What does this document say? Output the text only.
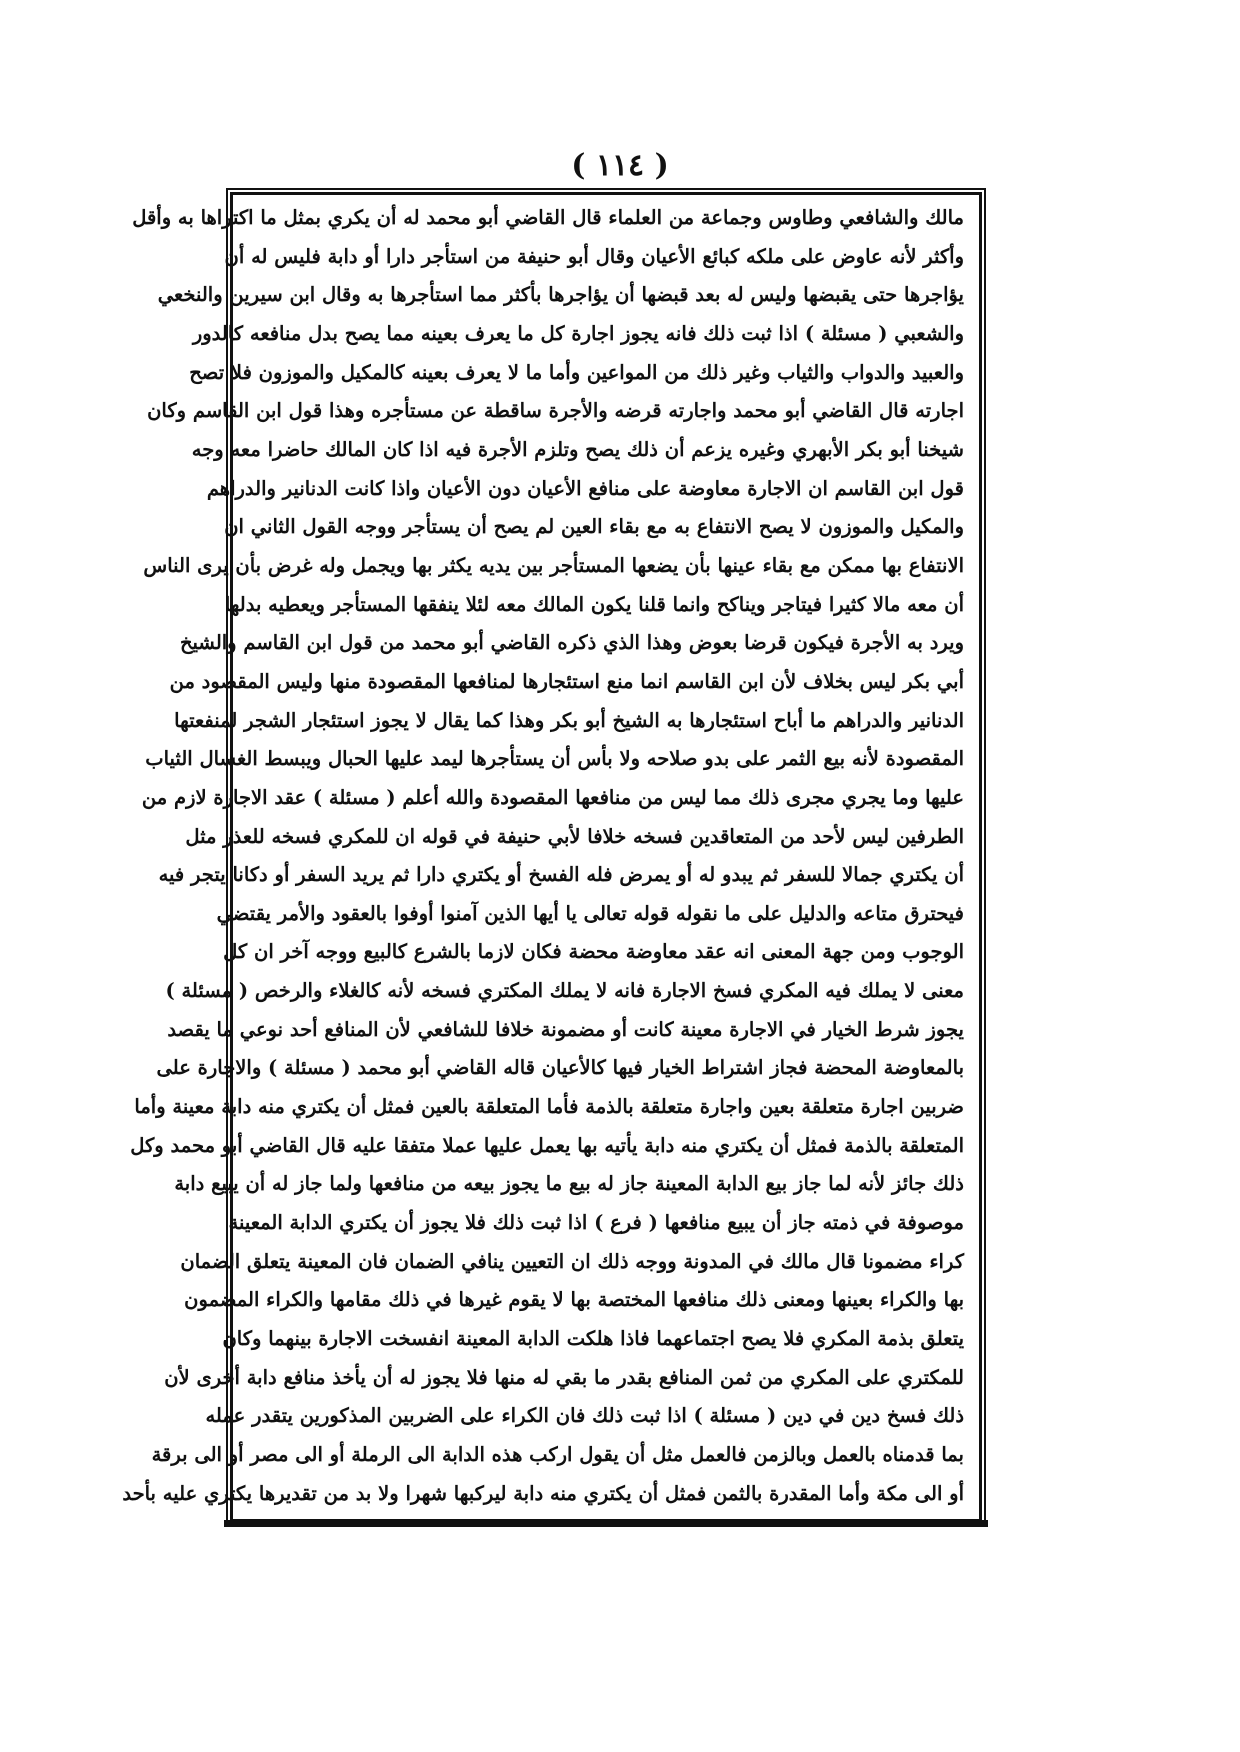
( ١١٤ )
مالك والشافعي وطاوس وجماعة من العلماء قال القاضي أبو محمد له أن يكري بمثل ما اكتراها به وأقل
وأكثر لأنه عاوض على ملكه كبائع الأعيان وقال أبو حنيفة من استأجر دارا أو دابة فليس له أن
يؤاجرها حتى يقبضها وليس له بعد قبضها أن يؤاجرها بأكثر مما استأجرها به وقال ابن سيرين والنخعي
والشعبي ( مسئلة ) اذا ثبت ذلك فانه يجوز اجارة كل ما يعرف بعينه مما يصح بدل منافعه كالدور
والعبيد والدواب والثياب وغير ذلك من المواعين وأما ما لا يعرف بعينه كالمكيل والموزون فلا تصح
اجارته قال القاضي أبو محمد واجارته قرضه والأجرة ساقطة عن مستأجره وهذا قول ابن القاسم وكان
شيخنا أبو بكر الأبهري وغيره يزعم أن ذلك يصح وتلزم الأجرة فيه اذا كان المالك حاضرا معه وجه
قول ابن القاسم ان الاجارة معاوضة على منافع الأعيان دون الأعيان واذا كانت الدنانير والدراهم
والمكيل والموزون لا يصح الانتفاع به مع بقاء العين لم يصح أن يستأجر ووجه القول الثاني ان
الانتفاع بها ممكن مع بقاء عينها بأن يضعها المستأجر بين يديه يكثر بها ويجمل وله غرض بأن يرى الناس
أن معه مالا كثيرا فيتاجر ويناكح وانما قلنا يكون المالك معه لئلا ينفقها المستأجر ويعطيه بدلها
ويرد به الأجرة فيكون قرضا بعوض وهذا الذي ذكره القاضي أبو محمد من قول ابن القاسم والشيخ
أبي بكر ليس بخلاف لأن ابن القاسم انما منع استئجارها لمنافعها المقصودة منها وليس المقصود من
الدنانير والدراهم ما أباح استئجارها به الشيخ أبو بكر وهذا كما يقال لا يجوز استئجار الشجر لمنفعتها
المقصودة لأنه بيع الثمر على بدو صلاحه ولا بأس أن يستأجرها ليمد عليها الحبال ويبسط الغسال الثياب
عليها وما يجري مجرى ذلك مما ليس من منافعها المقصودة والله أعلم ( مسئلة ) عقد الاجارة لازم من
الطرفين ليس لأحد من المتعاقدين فسخه خلافا لأبي حنيفة في قوله ان للمكري فسخه للعذر مثل
أن يكتري جمالا للسفر ثم يبدو له أو يمرض فله الفسخ أو يكتري دارا ثم يريد السفر أو دكانا يتجر فيه
فيحترق متاعه والدليل على ما نقوله قوله تعالى يا أيها الذين آمنوا أوفوا بالعقود والأمر يقتضي
الوجوب ومن جهة المعنى انه عقد معاوضة محضة فكان لازما بالشرع كالبيع ووجه آخر ان كل
معنى لا يملك فيه المكري فسخ الاجارة فانه لا يملك المكتري فسخه لأنه كالغلاء والرخص ( مسئلة )
يجوز شرط الخيار في الاجارة معينة كانت أو مضمونة خلافا للشافعي لأن المنافع أحد نوعي ما يقصد
بالمعاوضة المحضة فجاز اشتراط الخيار فيها كالأعيان قاله القاضي أبو محمد ( مسئلة ) والاجارة على
ضربين اجارة متعلقة بعين واجارة متعلقة بالذمة فأما المتعلقة بالعين فمثل أن يكتري منه دابة معينة وأما
المتعلقة بالذمة فمثل أن يكتري منه دابة يأتيه بها يعمل عليها عملا متفقا عليه قال القاضي أبو محمد وكل
ذلك جائز لأنه لما جاز بيع الدابة المعينة جاز له بيع ما يجوز بيعه من منافعها ولما جاز له أن يبيع دابة
موصوفة في ذمته جاز أن يبيع منافعها ( فرع ) اذا ثبت ذلك فلا يجوز أن يكتري الدابة المعينة
كراء مضمونا قال مالك في المدونة ووجه ذلك ان التعيين ينافي الضمان فان المعينة يتعلق الضمان
بها والكراء بعينها ومعنى ذلك منافعها المختصة بها لا يقوم غيرها في ذلك مقامها والكراء المضمون
يتعلق بذمة المكري فلا يصح اجتماعهما فاذا هلكت الدابة المعينة انفسخت الاجارة بينهما وكان
للمكتري على المكري من ثمن المنافع بقدر ما بقي له منها فلا يجوز له أن يأخذ منافع دابة أخرى لأن
ذلك فسخ دين في دين ( مسئلة ) اذا ثبت ذلك فان الكراء على الضربين المذكورين يتقدر عمله
بما قدمناه بالعمل وبالزمن فالعمل مثل أن يقول اركب هذه الدابة الى الرملة أو الى مصر أو الى برقة
أو الى مكة وأما المقدرة بالثمن فمثل أن يكتري منه دابة ليركبها شهرا ولا بد من تقديرها يكتري عليه بأحد
